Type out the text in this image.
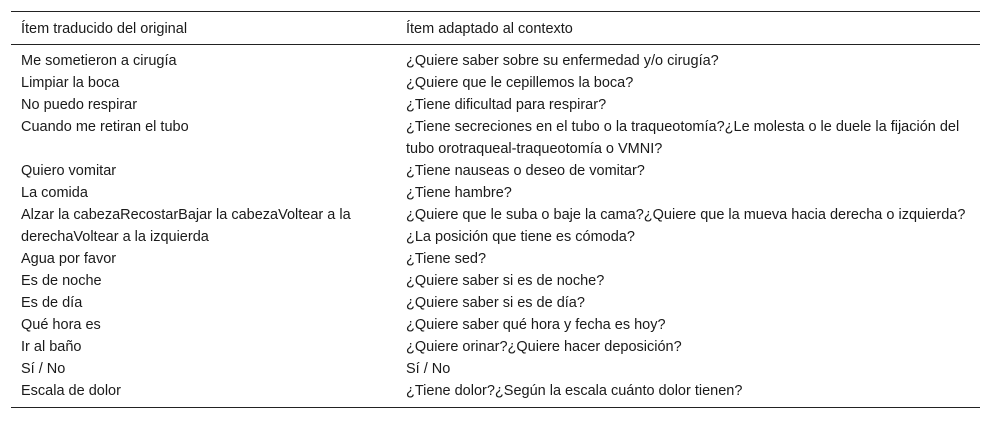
Ítem traducido del original	Ítem adaptado al contexto
Me sometieron a cirugía	¿Quiere saber sobre su enfermedad y/o cirugía?
Limpiar la boca	¿Quiere que le cepillemos la boca?
No puedo respirar	¿Tiene dificultad para respirar?
Cuando me retiran el tubo	¿Tiene secreciones en el tubo o la traqueotomía?¿Le molesta o le duele la fijación del tubo orotraqueal-traqueotomía o VMNI?
Quiero vomitar	¿Tiene nauseas o deseo de vomitar?
La comida	¿Tiene hambre?
Alzar la cabezaRecostarBajar la cabezaVoltear a la derechaVoltear a la izquierda	¿Quiere que le suba o baje la cama?¿Quiere que la mueva hacia derecha o izquierda?¿La posición que tiene es cómoda?
Agua por favor	¿Tiene sed?
Es de noche	¿Quiere saber si es de noche?
Es de día	¿Quiere saber si es de día?
Qué hora es	¿Quiere saber qué hora y fecha es hoy?
Ir al baño	¿Quiere orinar?¿Quiere hacer deposición?
Sí / No	Sí / No
Escala de dolor	¿Tiene dolor?¿Según la escala cuánto dolor tienen?
